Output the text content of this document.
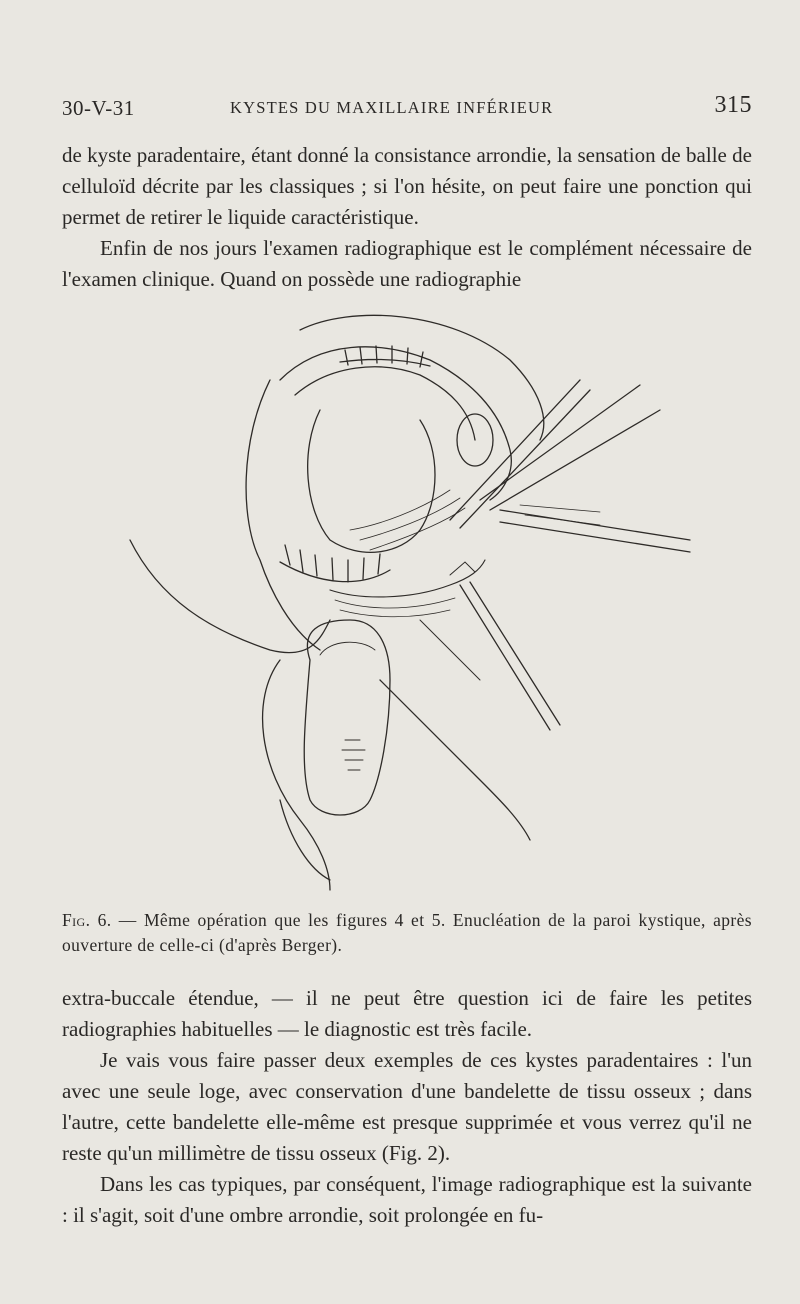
30-V-31	KYSTES DU MAXILLAIRE INFÉRIEUR	315

de kyste paradentaire, étant donné la consistance arrondie, la sensation de balle de celluloïd décrite par les classiques ; si l'on hésite, on peut faire une ponction qui permet de retirer le liquide caractéristique.

Enfin de nos jours l'examen radiographique est le complément nécessaire de l'examen clinique. Quand on possède une radiographie

Fig. 6. — Même opération que les figures 4 et 5. Enucléation de la paroi kystique, après ouverture de celle-ci (d'après Berger).

extra-buccale étendue, — il ne peut être question ici de faire les petites radiographies habituelles — le diagnostic est très facile.

Je vais vous faire passer deux exemples de ces kystes paradentaires : l'un avec une seule loge, avec conservation d'une bandelette de tissu osseux ; dans l'autre, cette bandelette elle-même est presque supprimée et vous verrez qu'il ne reste qu'un millimètre de tissu osseux (Fig. 2).

Dans les cas typiques, par conséquent, l'image radiographique est la suivante : il s'agit, soit d'une ombre arrondie, soit prolongée en fu-
